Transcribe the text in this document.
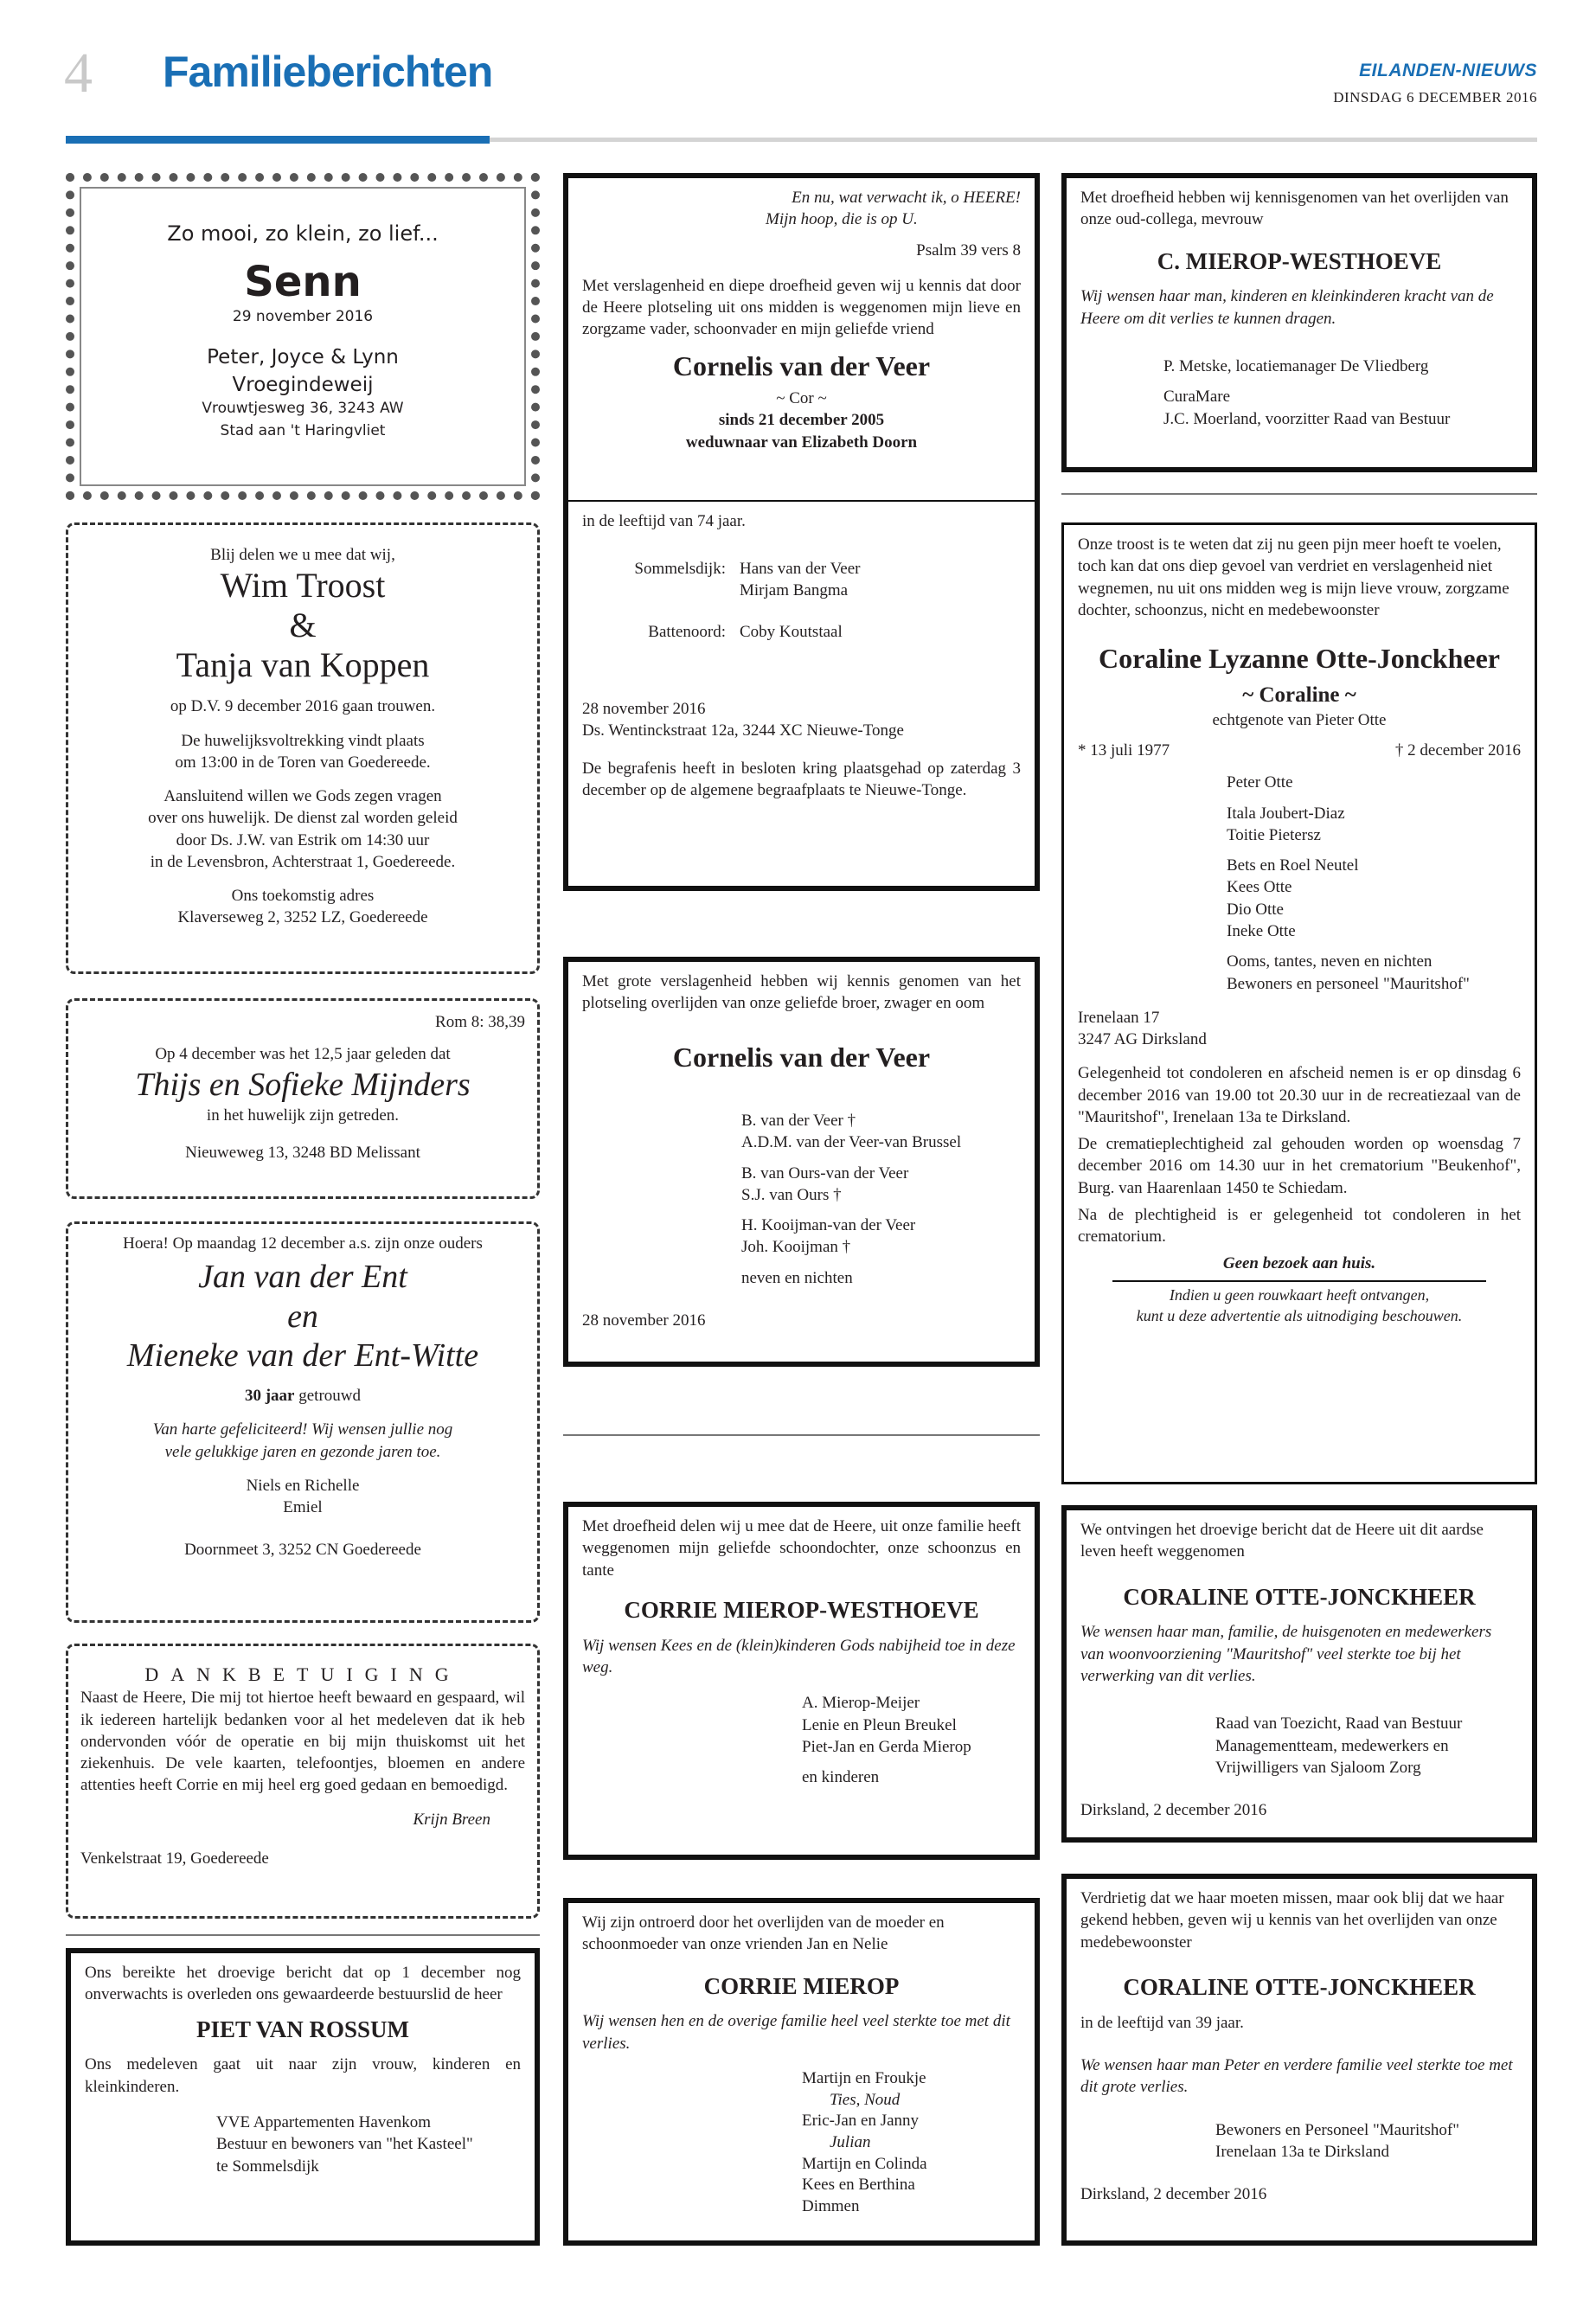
4 Familieberichten	EILANDEN-NIEUWS
DINSDAG 6 DECEMBER 2016
Zo mooi, zo klein, zo lief...
Senn
29 november 2016
Peter, Joyce & Lynn
Vroegindeweij
Vrouwtjesweg 36, 3243 AW
Stad aan 't Haringvliet

Blij delen we u mee dat wij,

Wim Troost
&
Tanja van Koppen

op D.V. 9 december 2016 gaan trouwen.

De huwelijksvoltrekking vindt plaats

om 13:00 in de Toren van Goedereede.

Aansluitend willen we Gods zegen vragen

over ons huwelijk. De dienst zal worden geleid

door Ds. J.W. van Estrik om 14:30 uur

in de Levensbron, Achterstraat 1, Goedereede.

Ons toekomstig adres

Klaverseweg 2, 3252 LZ, Goedereede

Rom 8: 38,39

Op 4 december was het 12,5 jaar geleden dat

Thijs en Sofieke Mijnders

in het huwelijk zijn getreden.

Nieuweweg 13, 3248 BD Melissant

Hoera! Op maandag 12 december a.s. zijn onze ouders

Jan van der Ent
en
Mieneke van der Ent-Witte

30 jaar getrouwd

Van harte gefeliciteerd! Wij wensen jullie nog

vele gelukkige jaren en gezonde jaren toe.

Niels en Richelle

Emiel

Doornmeet 3, 3252 CN Goedereede

DANKBETUIGING

Naast de Heere, Die mij tot hiertoe heeft bewaard en gespaard, wil ik iedereen hartelijk bedanken voor al het medeleven dat ik heb ondervonden vóór de operatie en bij mijn thuiskomst uit het ziekenhuis. De vele kaarten, telefoontjes, bloemen en andere attenties heeft Corrie en mij heel erg goed gedaan en bemoedigd.

Krijn Breen

Venkelstraat 19, Goedereede

Ons bereikte het droevige bericht dat op 1 december nog onverwachts is overleden ons gewaardeerde bestuurslid de heer

PIET VAN ROSSUM

Ons medeleven gaat uit naar zijn vrouw, kinderen en kleinkinderen.

VVE Appartementen Havenkom

Bestuur en bewoners van "het Kasteel"

te Sommelsdijk

En nu, wat verwacht ik, o HEERE!

Mijn hoop, die is op U.

Psalm 39 vers 8

Met verslagenheid en diepe droefheid geven wij u kennis dat door de Heere plotseling uit ons midden is weggenomen mijn lieve en zorgzame vader, schoonvader en mijn geliefde vriend

Cornelis van der Veer

~ Cor ~

sinds 21 december 2005

weduwnaar van Elizabeth Doorn

in de leeftijd van 74 jaar.

Sommelsdijk: Hans van der Veer
Mirjam Bangma
Battenoord: Coby Koutstaal

28 november 2016

Ds. Wentinckstraat 12a, 3244 XC Nieuwe-Tonge

De begrafenis heeft in besloten kring plaatsgehad op zaterdag 3 december op de algemene begraafplaats te Nieuwe-Tonge.

Met grote verslagenheid hebben wij kennis genomen van het plotseling overlijden van onze geliefde broer, zwager en oom

Cornelis van der Veer

B. van der Veer †

A.D.M. van der Veer-van Brussel

B. van Ours-van der Veer

S.J. van Ours †

H. Kooijman-van der Veer

Joh. Kooijman †

neven en nichten

28 november 2016

Met droefheid delen wij u mee dat de Heere, uit onze familie heeft weggenomen mijn geliefde schoondochter, onze schoonzus en tante

CORRIE MIEROP-WESTHOEVE

Wij wensen Kees en de (klein)kinderen Gods nabijheid toe in deze weg.

A. Mierop-Meijer

Lenie en Pleun Breukel

Piet-Jan en Gerda Mierop

en kinderen

Wij zijn ontroerd door het overlijden van de moeder en schoonmoeder van onze vrienden Jan en Nelie

CORRIE MIEROP

Wij wensen hen en de overige familie heel veel sterkte toe met dit verlies.

Martijn en Froukje

Ties, Noud

Eric-Jan en Janny

Julian

Martijn en Colinda

Kees en Berthina

Dimmen

Met droefheid hebben wij kennisgenomen van het overlijden van onze oud-collega, mevrouw

C. MIEROP-WESTHOEVE

Wij wensen haar man, kinderen en kleinkinderen kracht van de Heere om dit verlies te kunnen dragen.

P. Metske, locatiemanager De Vliedberg

CuraMare

J.C. Moerland, voorzitter Raad van Bestuur

Onze troost is te weten dat zij nu geen pijn meer hoeft te voelen, toch kan dat ons diep gevoel van verdriet en verslagenheid niet wegnemen, nu uit ons midden weg is mijn lieve vrouw, zorgzame dochter, schoonzus, nicht en medebewoonster

Coraline Lyzanne Otte-Jonckheer

~ Coraline ~

echtgenote van Pieter Otte

* 13 juli 1977	† 2 december 2016

Peter Otte

Itala Joubert-Diaz

Toitie Pietersz

Bets en Roel Neutel

Kees Otte

Dio Otte

Ineke Otte

Ooms, tantes, neven en nichten

Bewoners en personeel "Mauritshof"

Irenelaan 17

3247 AG Dirksland

Gelegenheid tot condoleren en afscheid nemen is er op dinsdag 6 december 2016 van 19.00 tot 20.30 uur in de recreatiezaal van de "Mauritshof", Irenelaan 13a te Dirksland.

De crematieplechtigheid zal gehouden worden op woensdag 7 december 2016 om 14.30 uur in het crematorium "Beukenhof", Burg. van Haarenlaan 1450 te Schiedam.

Na de plechtigheid is er gelegenheid tot condoleren in het crematorium.

Geen bezoek aan huis.

Indien u geen rouwkaart heeft ontvangen,

kunt u deze advertentie als uitnodiging beschouwen.

We ontvingen het droevige bericht dat de Heere uit dit aardse leven heeft weggenomen

CORALINE OTTE-JONCKHEER

We wensen haar man, familie, de huisgenoten en medewerkers van woonvoorziening "Mauritshof" veel sterkte toe bij het verwerking van dit verlies.

Raad van Toezicht, Raad van Bestuur

Managementteam, medewerkers en

Vrijwilligers van Sjaloom Zorg

Dirksland, 2 december 2016

Verdrietig dat we haar moeten missen, maar ook blij dat we haar gekend hebben, geven wij u kennis van het overlijden van onze medebewoonster

CORALINE OTTE-JONCKHEER

in de leeftijd van 39 jaar.

We wensen haar man Peter en verdere familie veel sterkte toe met dit grote verlies.

Bewoners en Personeel "Mauritshof"

Irenelaan 13a te Dirksland

Dirksland, 2 december 2016
